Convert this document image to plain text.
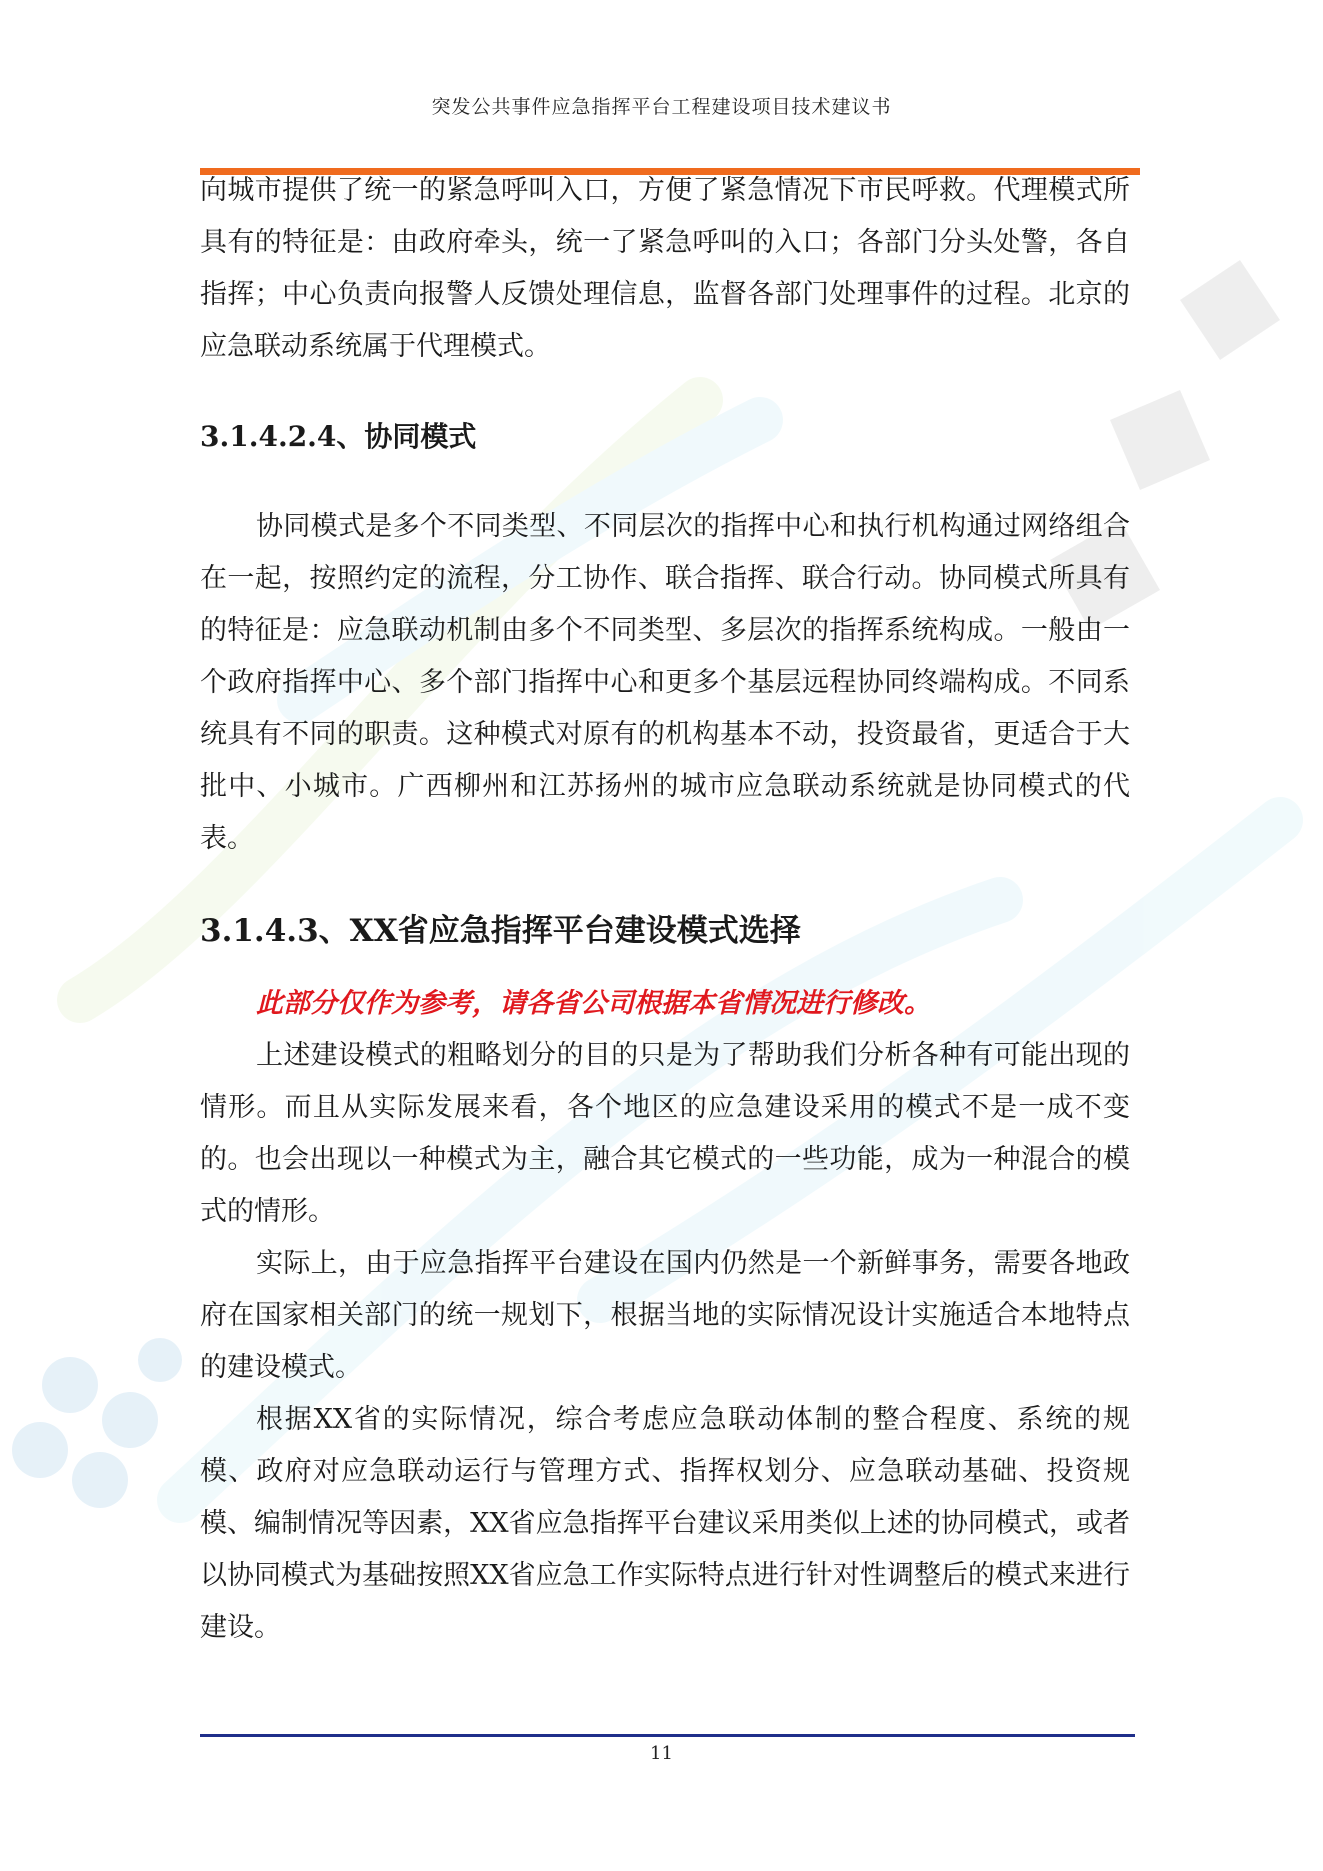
突发公共事件应急指挥平台工程建设项目技术建议书

向城市提供了统一的紧急呼叫入口，方便了紧急情况下市民呼救。代理模式所具有的特征是：由政府牵头，统一了紧急呼叫的入口；各部门分头处警，各自指挥；中心负责向报警人反馈处理信息，监督各部门处理事件的过程。北京的应急联动系统属于代理模式。

3.1.4.2.4、协同模式

协同模式是多个不同类型、不同层次的指挥中心和执行机构通过网络组合在一起，按照约定的流程，分工协作、联合指挥、联合行动。协同模式所具有的特征是：应急联动机制由多个不同类型、多层次的指挥系统构成。一般由一个政府指挥中心、多个部门指挥中心和更多个基层远程协同终端构成。不同系统具有不同的职责。这种模式对原有的机构基本不动，投资最省，更适合于大批中、小城市。广西柳州和江苏扬州的城市应急联动系统就是协同模式的代表。

3.1.4.3、XX省应急指挥平台建设模式选择

此部分仅作为参考，请各省公司根据本省情况进行修改。

上述建设模式的粗略划分的目的只是为了帮助我们分析各种有可能出现的情形。而且从实际发展来看，各个地区的应急建设采用的模式不是一成不变的。也会出现以一种模式为主，融合其它模式的一些功能，成为一种混合的模式的情形。

实际上，由于应急指挥平台建设在国内仍然是一个新鲜事务，需要各地政府在国家相关部门的统一规划下，根据当地的实际情况设计实施适合本地特点的建设模式。

根据XX省的实际情况，综合考虑应急联动体制的整合程度、系统的规模、政府对应急联动运行与管理方式、指挥权划分、应急联动基础、投资规模、编制情况等因素，XX省应急指挥平台建议采用类似上述的协同模式，或者以协同模式为基础按照XX省应急工作实际特点进行针对性调整后的模式来进行建设。

11
